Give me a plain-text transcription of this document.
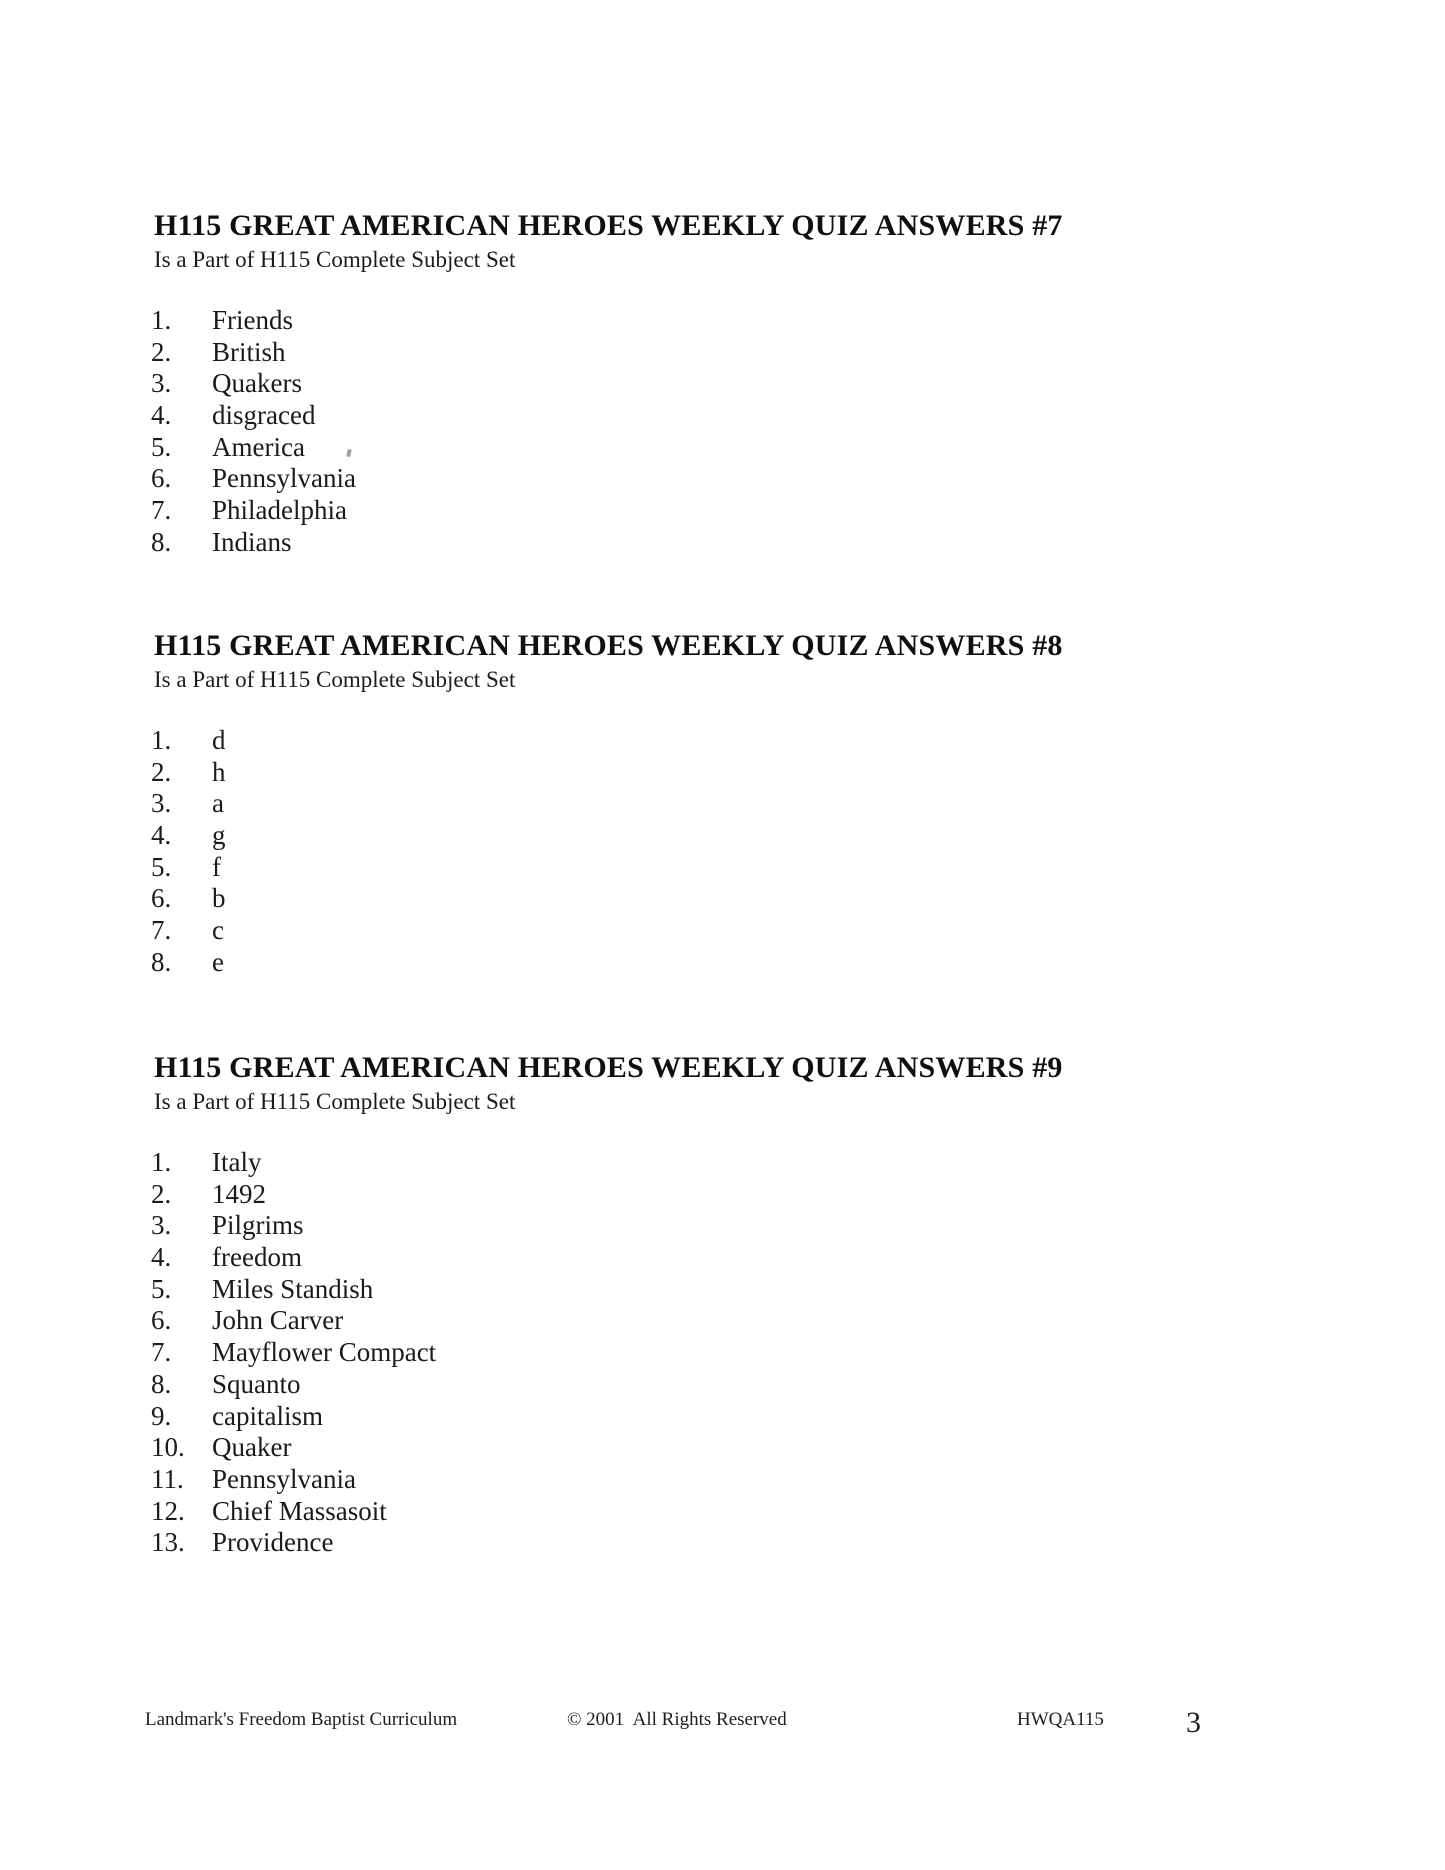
H115 GREAT AMERICAN HEROES WEEKLY QUIZ ANSWERS #7

Is a Part of H115 Complete Subject Set

1. Friends
2. British
3. Quakers
4. disgraced
5. America
6. Pennsylvania
7. Philadelphia
8. Indians
H115 GREAT AMERICAN HEROES WEEKLY QUIZ ANSWERS #8

Is a Part of H115 Complete Subject Set

1. d
2. h
3. a
4. g
5. f
6. b
7. c
8. e
H115 GREAT AMERICAN HEROES WEEKLY QUIZ ANSWERS #9

Is a Part of H115 Complete Subject Set

1. Italy
2. 1492
3. Pilgrims
4. freedom
5. Miles Standish
6. John Carver
7. Mayflower Compact
8. Squanto
9. capitalism
10. Quaker
11. Pennsylvania
12. Chief Massasoit
13. Providence
Landmark's Freedom Baptist Curriculum	© 2001  All Rights Reserved	HWQA115	3
